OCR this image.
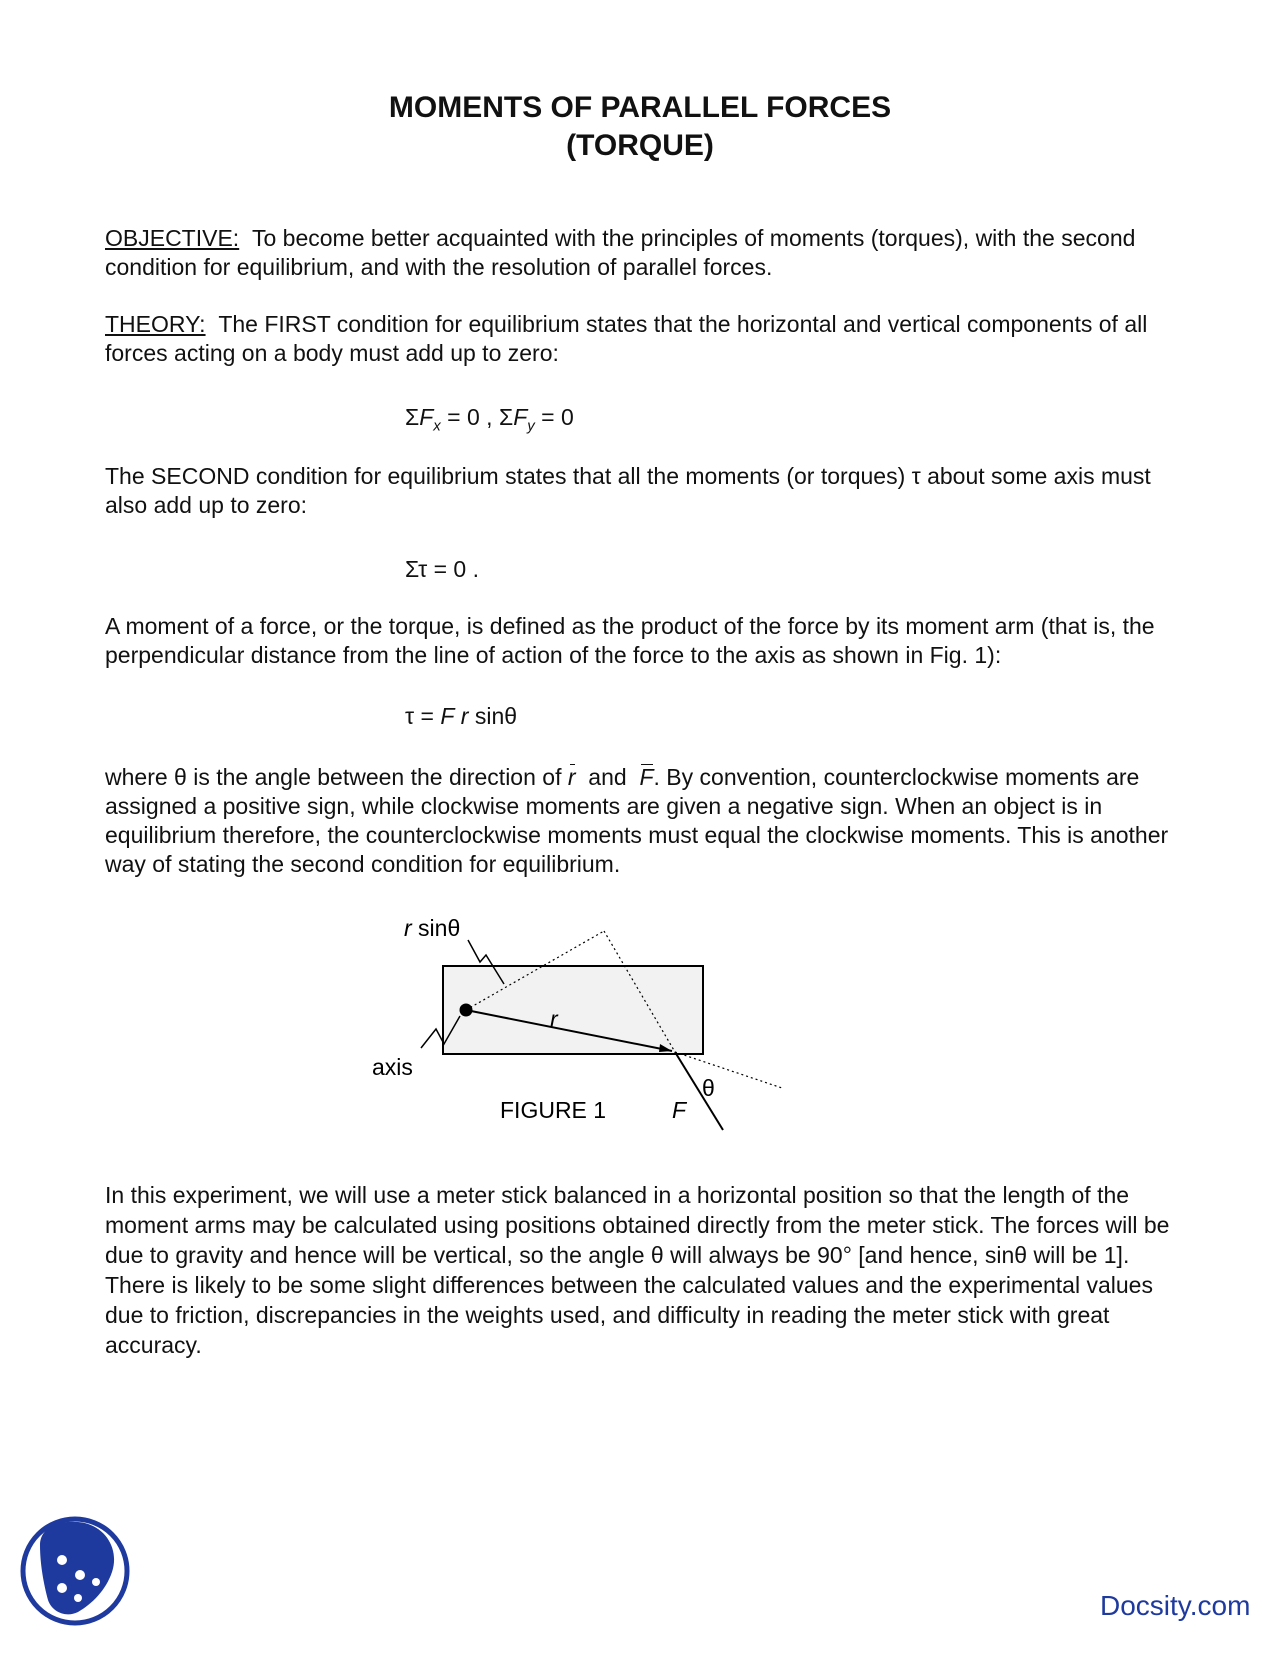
MOMENTS OF PARALLEL FORCES
(TORQUE)
OBJECTIVE: To become better acquainted with the principles of moments (torques), with the second condition for equilibrium, and with the resolution of parallel forces.
THEORY: The FIRST condition for equilibrium states that the horizontal and vertical components of all forces acting on a body must add up to zero:
$\Sigma F_x = 0$ , $\Sigma F_y = 0$
The SECOND condition for equilibrium states that all the moments (or torques) τ about some axis must also add up to zero:
Στ = 0 .
A moment of a force, or the torque, is defined as the product of the force by its moment arm (that is, the perpendicular distance from the line of action of the force to the axis as shown in Fig. 1):
τ = F r sinθ
where θ is the angle between the direction of r  and  F. By convention, counterclockwise moments are assigned a positive sign, while clockwise moments are given a negative sign. When an object is in equilibrium therefore, the counterclockwise moments must equal the clockwise moments. This is another way of stating the second condition for equilibrium.
r sinθ
r
axis
θ
F
FIGURE 1
In this experiment, we will use a meter stick balanced in a horizontal position so that the length of the moment arms may be calculated using positions obtained directly from the meter stick. The forces will be due to gravity and hence will be vertical, so the angle θ will always be 90° [and hence, sinθ will be 1]. There is likely to be some slight differences between the calculated values and the experimental values due to friction, discrepancies in the weights used, and difficulty in reading the meter stick with great accuracy.
Docsity.com
